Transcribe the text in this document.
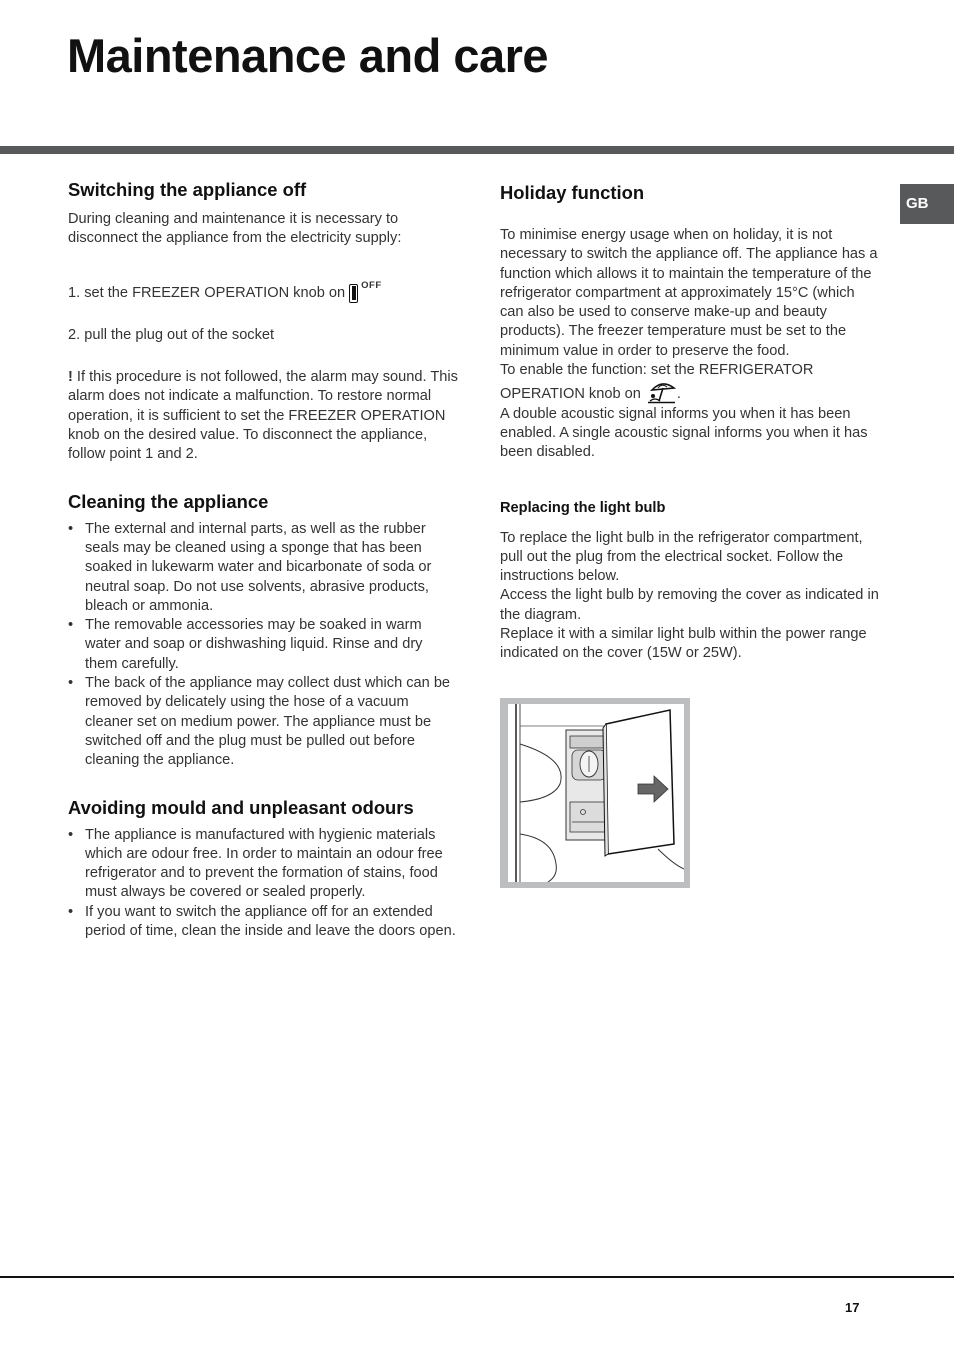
Maintenance and care
GB
Switching the appliance off

During cleaning and maintenance it is necessary to disconnect the appliance from the electricity supply:

1. set the FREEZER OPERATION knob on $^{OFF}$

2. pull the plug out of the socket

! If this procedure is not followed, the alarm may sound. This alarm does not indicate a malfunction. To restore normal operation, it is sufficient to set the FREEZER OPERATION knob on the desired value. To disconnect the appliance, follow point 1 and 2.

Cleaning the appliance
• The external and internal parts, as well as the rubber seals may be cleaned using a sponge that has been soaked in lukewarm water and bicarbonate of soda or neutral soap. Do not use solvents, abrasive products, bleach or ammonia.
• The removable accessories may be soaked in warm water and soap or dishwashing liquid. Rinse and dry them carefully.
• The back of the appliance may collect dust which can be removed by delicately using the hose of a vacuum cleaner set on medium power. The appliance must be switched off and the plug must be pulled out before cleaning the appliance.
Avoiding mould and unpleasant odours
• The appliance is manufactured with hygienic materials which are odour free. In order to maintain an odour free refrigerator and to prevent the formation of stains, food must always be covered or sealed properly.
• If you want to switch the appliance off for an extended period of time, clean the inside and leave the doors open.
Holiday function

To minimise energy usage when on holiday, it is not necessary to switch the appliance off. The appliance has a function which allows it to maintain the temperature of the refrigerator compartment at approximately 15°C (which can also be used to conserve make-up and beauty products). The freezer temperature must be set to the minimum value in order to preserve the food.

To enable the function: set the REFRIGERATOR OPERATION knob on .

A double acoustic signal informs you when it has been enabled. A single acoustic signal informs you when it has been disabled.

Replacing the light bulb

To replace the light bulb in the refrigerator compartment, pull out the plug from the electrical socket. Follow the instructions below.

Access the light bulb by removing the cover as indicated in the diagram.

Replace it with a similar light bulb within the power range indicated on the cover (15W or 25W).

17
